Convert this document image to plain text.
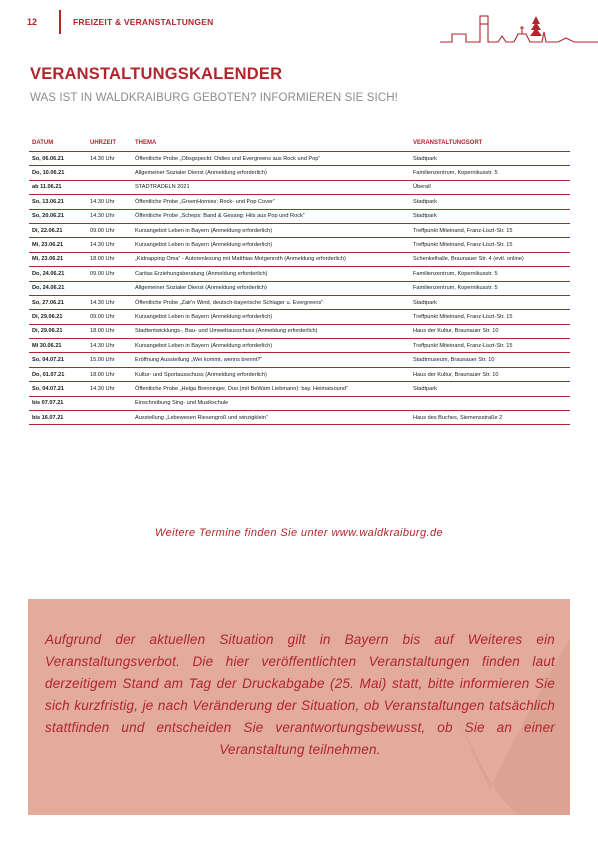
12	FREIZEIT & VERANSTALTUNGEN
VERANSTALTUNGSKALENDER
WAS IST IN WALDKRAIBURG GEBOTEN? INFORMIEREN SIE SICH!
DATUM	UHRZEIT	THEMA	VERANSTALTUNGSORT
So, 06.06.21	14.30 Uhr	Öffentliche Probe „Obsgspeckt: Oldies und Evergreens aus Rock und Pop“	Stadtpark
Do, 10.06.21		Allgemeiner Sozialer Dienst (Anmeldung erforderlich)	Familienzentrum, Kopernikusstr. 5
ab 11.06.21		STADTRADELN 2021	Überall
So, 13.06.21	14.30 Uhr	Öffentliche Probe „GreenHornies: Rock- und Pop Cover“	Stadtpark
So, 20.06.21	14.30 Uhr	Öffentliche Probe „Scheps: Band & Gesang: Hits aus Pop und Rock“	Stadtpark
Di, 22.06.21	09.00 Uhr	Kursangebot Leben in Bayern (Anmeldung erforderlich)	Treffpunkt Miteinand, Franz-Liszt-Str. 15
Mi, 23.06.21	14.30 Uhr	Kursangebot Leben in Bayern (Anmeldung erforderlich)	Treffpunkt Miteinand, Franz-Liszt-Str. 15
Mi, 23.06.21	18.00 Uhr	„Kidnapping Oma“ - Autorenlesung mit Matthias Motgenroth (Anmeldung erforderlich)	Schenkelhalle, Braunauer Str. 4 (evtl. online)
Do, 24.06.21	09.00 Uhr	Caritas Erziehungsberatung (Anmeldung erforderlich)	Familienzentrum, Kopernikusstr. 5
Do, 24.06.21		Allgemeiner Sozialer Dienst (Anmeldung erforderlich)	Familienzentrum, Kopernikusstr. 5
So, 27.06.21	14.30 Uhr	Öffentliche Probe „Zair'n Wind, deutsch-bayerische Schlager u. Evergreens“	Stadtpark
Di, 29.06.21	09.00 Uhr	Kursangebot Leben in Bayern (Anmeldung erforderlich)	Treffpunkt Miteinand, Franz-Liszt-Str. 15
Di, 29.06.21	18.00 Uhr	Stadtentwicklungs-, Bau- und Umweltausschuss (Anmeldung erforderlich)	Haus der Kultur, Braunauer Str. 10
Mi 30.06.21	14.30 Uhr	Kursangebot Leben in Bayern (Anmeldung erforderlich)	Treffpunkt Miteinand, Franz-Liszt-Str. 15
So, 04.07.21	15.00 Uhr	Eröffnung Ausstellung „Wei kommt, wenns brennt?“	Stadtmuseum, Braunauer Str. 10
Do, 01.07.21	18.00 Uhr	Kultur- und Sportausschuss (Anmeldung erforderlich)	Haus der Kultur, Braunauer Str. 10
So, 04.07.21	14.30 Uhr	Öffentliche Probe „Helga Brenninger, Duo (mit BeWam Liebmann): bay. Heimatsound“	Stadtpark
bis 07.07.21		Einschreibung Sing- und Musikschule	
bis 16.07.21		Ausstellung „Lebewesen Riesengroß und winzigklein“	Haus des Buches, Siemensstraße 2
Weitere Termine finden Sie unter www.waldkraiburg.de

Aufgrund der aktuellen Situation gilt in Bayern bis auf Weiteres ein Veranstaltungsverbot. Die hier veröffentlichten Veranstaltungen finden laut derzeitigem Stand am Tag der Druckabgabe (25. Mai) statt, bitte informieren Sie sich kurzfristig, je nach Veränderung der Situation, ob Veranstaltungen tatsächlich stattfinden und entscheiden Sie verantwortungsbewusst, ob Sie an einer Veranstaltung teilnehmen.
